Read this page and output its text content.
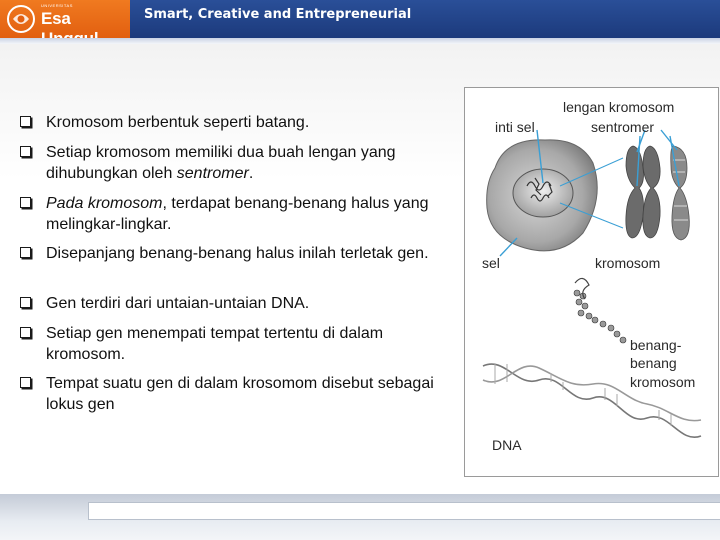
UNIVERSITAS
Esa	Smart, Creative and Entrepreneurial
Kromosom berbentuk seperti batang.
Setiap kromosom memiliki dua buah lengan yang dihubungkan oleh sentromer.
Pada kromosom, terdapat benang-benang halus yang melingkar-lingkar.
Disepanjang benang-benang halus inilah terletak gen.
Gen terdiri dari untaian-untaian DNA.
Setiap gen menempati tempat tertentu di dalam kromosom.
Tempat suatu gen di dalam krosomom disebut sebagai lokus gen
lengan kromosom
sentromer
inti sel
sel	kromosom
benang-
benang
kromosom
DNA
